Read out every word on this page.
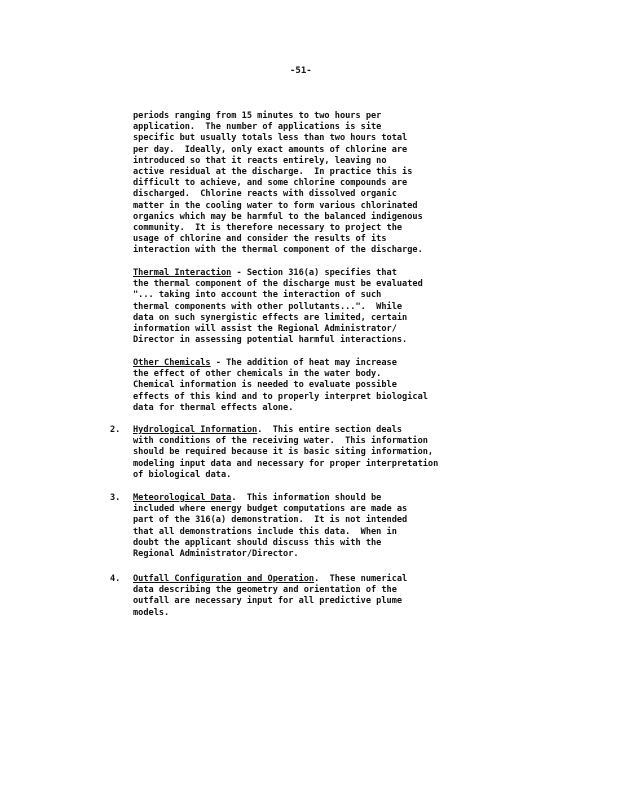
-51-
periods ranging from 15 minutes to two hours per
application.  The number of applications is site
specific but usually totals less than two hours total
per day.  Ideally, only exact amounts of chlorine are
introduced so that it reacts entirely, leaving no
active residual at the discharge.  In practice this is
difficult to achieve, and some chlorine compounds are
discharged.  Chlorine reacts with dissolved organic
matter in the cooling water to form various chlorinated
organics which may be harmful to the balanced indigenous
community.  It is therefore necessary to project the
usage of chlorine and consider the results of its
interaction with the thermal component of the discharge.
Thermal Interaction - Section 316(a) specifies that
the thermal component of the discharge must be evaluated
"... taking into account the interaction of such
thermal components with other pollutants...".  While
data on such synergistic effects are limited, certain
information will assist the Regional Administrator/
Director in assessing potential harmful interactions.
Other Chemicals - The addition of heat may increase
the effect of other chemicals in the water body.
Chemical information is needed to evaluate possible
effects of this kind and to properly interpret biological
data for thermal effects alone.
2. Hydrological Information.  This entire section deals
with conditions of the receiving water.  This information
should be required because it is basic siting information,
modeling input data and necessary for proper interpretation
of biological data.
3. Meteorological Data.  This information should be
included where energy budget computations are made as
part of the 316(a) demonstration.  It is not intended
that all demonstrations include this data.  When in
doubt the applicant should discuss this with the
Regional Administrator/Director.
4. Outfall Configuration and Operation.  These numerical
data describing the geometry and orientation of the
outfall are necessary input for all predictive plume
models.
